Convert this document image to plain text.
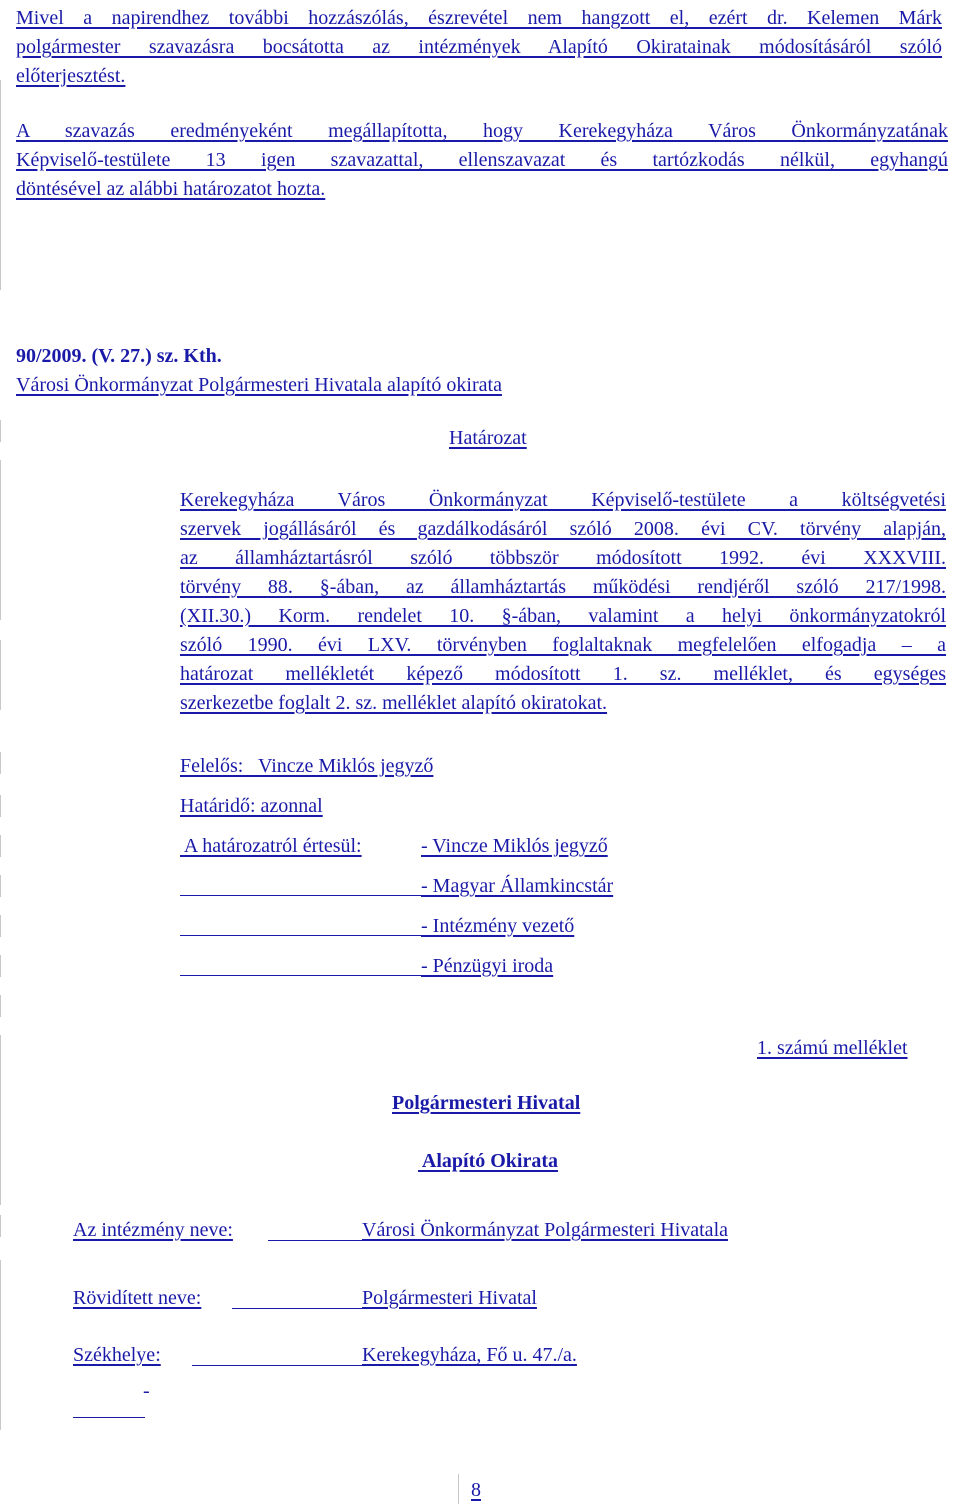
Mivel a napirendhez további hozzászólás, észrevétel nem hangzott el, ezért dr. Kelemen Márk
polgármester szavazásra bocsátotta az intézmények Alapító Okiratainak módosításáról szóló
előterjesztést.
A szavazás eredményeként megállapította, hogy Kerekegyháza Város Önkormányzatának
Képviselő-testülete 13 igen szavazattal, ellenszavazat és tartózkodás nélkül, egyhangú
döntésével az alábbi határozatot hozta.
90/2009. (V. 27.) sz. Kth.
Városi Önkormányzat Polgármesteri Hivatala alapító okirata
Határozat
Kerekegyháza Város Önkormányzat Képviselő-testülete a költségvetési
szervek jogállásáról és gazdálkodásáról szóló 2008. évi CV. törvény alapján,
az államháztartásról szóló többször módosított 1992. évi XXXVIII.
törvény 88. §-ában, az államháztartás működési rendjéről szóló 217/1998.
(XII.30.) Korm. rendelet 10. §-ában, valamint a helyi önkormányzatokról
szóló 1990. évi LXV. törvényben foglaltaknak megfelelően elfogadja – a
határozat mellékletét képező módosított 1. sz. melléklet, és egységes
szerkezetbe foglalt 2. sz. melléklet alapító okiratokat.
Felelős:   Vincze Miklós jegyző
Határidő: azonnal
A határozatról értesül:	- Vincze Miklós jegyző
- Magyar Államkincstár
- Intézmény vezető
- Pénzügyi iroda
1. számú melléklet
Polgármesteri Hivatal
Alapító Okirata
Az intézmény neve:	Városi Önkormányzat Polgármesteri Hivatala
Rövidített neve:	Polgármesteri Hivatal
Székhelye:	Kerekegyháza, Fő u. 47./a.
-
8
